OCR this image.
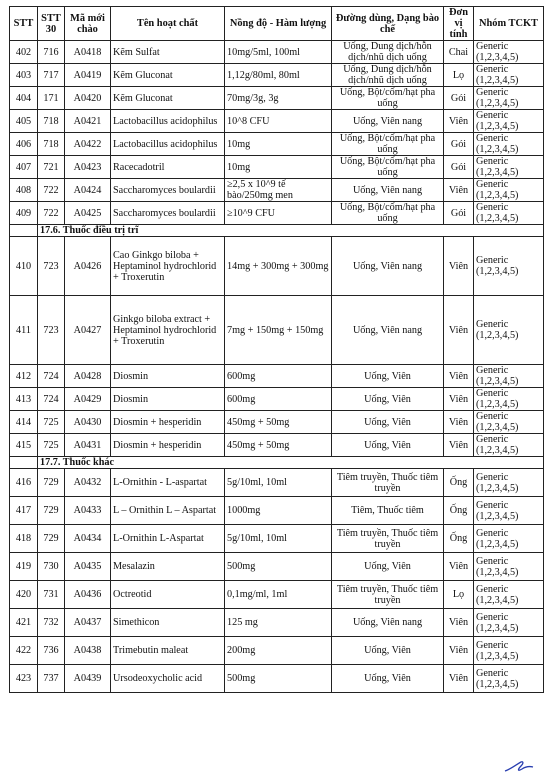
STT	STT 30	Mã mới chào	Tên hoạt chất	Nồng độ - Hàm lượng	Đường dùng, Dạng bào chế	Đơn vị tính	Nhóm TCKT
402	716	A0418	Kẽm Sulfat	10mg/5ml, 100ml	Uống, Dung dịch/hỗn dịch/nhũ dịch uống	Chai	Generic (1,2,3,4,5)
403	717	A0419	Kẽm Gluconat	1,12g/80ml, 80ml	Uống, Dung dịch/hỗn dịch/nhũ dịch uống	Lọ	Generic (1,2,3,4,5)
404	171	A0420	Kẽm Gluconat	70mg/3g, 3g	Uống, Bột/cốm/hạt pha uống	Gói	Generic (1,2,3,4,5)
405	718	A0421	Lactobacillus acidophilus	10^8 CFU	Uống, Viên nang	Viên	Generic (1,2,3,4,5)
406	718	A0422	Lactobacillus acidophilus	10mg	Uống, Bột/cốm/hạt pha uống	Gói	Generic (1,2,3,4,5)
407	721	A0423	Racecadotril	10mg	Uống, Bột/cốm/hạt pha uống	Gói	Generic (1,2,3,4,5)
408	722	A0424	Saccharomyces boulardii	≥2,5 x 10^9 tế bào/250mg men	Uống, Viên nang	Viên	Generic (1,2,3,4,5)
409	722	A0425	Saccharomyces boulardii	≥10^9 CFU	Uống, Bột/cốm/hạt pha uống	Gói	Generic (1,2,3,4,5)
	17.6. Thuốc điều trị trĩ						
410	723	A0426	Cao Ginkgo biloba + Heptaminol hydrochlorid + Troxerutin	14mg + 300mg + 300mg	Uống, Viên nang	Viên	Generic (1,2,3,4,5)
411	723	A0427	Ginkgo biloba extract + Heptaminol hydrochlorid + Troxerutin	7mg + 150mg + 150mg	Uống, Viên nang	Viên	Generic (1,2,3,4,5)
412	724	A0428	Diosmin	600mg	Uống, Viên	Viên	Generic (1,2,3,4,5)
413	724	A0429	Diosmin	600mg	Uống, Viên	Viên	Generic (1,2,3,4,5)
414	725	A0430	Diosmin + hesperidin	450mg + 50mg	Uống, Viên	Viên	Generic (1,2,3,4,5)
415	725	A0431	Diosmin + hesperidin	450mg + 50mg	Uống, Viên	Viên	Generic (1,2,3,4,5)
	17.7. Thuốc khác						
416	729	A0432	L-Ornithin - L-aspartat	5g/10ml, 10ml	Tiêm truyền, Thuốc tiêm truyền	Ống	Generic (1,2,3,4,5)
417	729	A0433	L – Ornithin L – Aspartat	1000mg	Tiêm, Thuốc tiêm	Ống	Generic (1,2,3,4,5)
418	729	A0434	L-Ornithin L-Aspartat	5g/10ml, 10ml	Tiêm truyền, Thuốc tiêm truyền	Ống	Generic (1,2,3,4,5)
419	730	A0435	Mesalazin	500mg	Uống, Viên	Viên	Generic (1,2,3,4,5)
420	731	A0436	Octreotid	0,1mg/ml, 1ml	Tiêm truyền, Thuốc tiêm truyền	Lọ	Generic (1,2,3,4,5)
421	732	A0437	Simethicon	125 mg	Uống, Viên nang	Viên	Generic (1,2,3,4,5)
422	736	A0438	Trimebutin maleat	200mg	Uống, Viên	Viên	Generic (1,2,3,4,5)
423	737	A0439	Ursodeoxycholic acid	500mg	Uống, Viên	Viên	Generic (1,2,3,4,5)
